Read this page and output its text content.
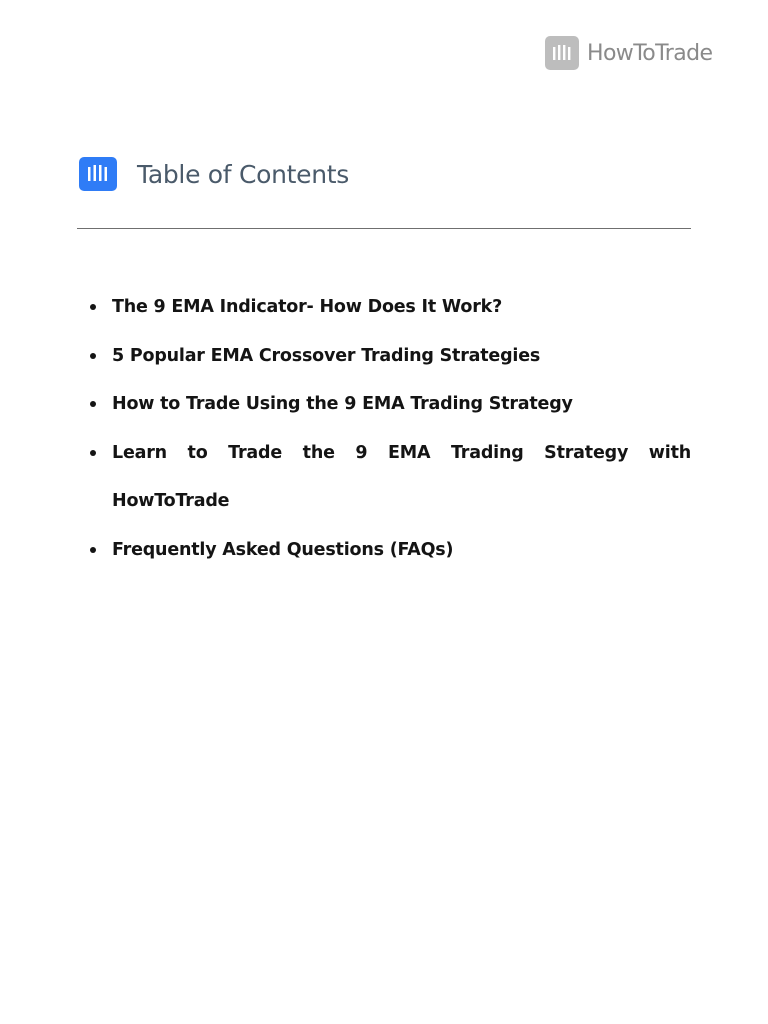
HowToTrade
Table of Contents
The 9 EMA Indicator- How Does It Work?
5 Popular EMA Crossover Trading Strategies
How to Trade Using the 9 EMA Trading Strategy
Learn to Trade the 9 EMA Trading Strategy with HowToTrade
Frequently Asked Questions (FAQs)
